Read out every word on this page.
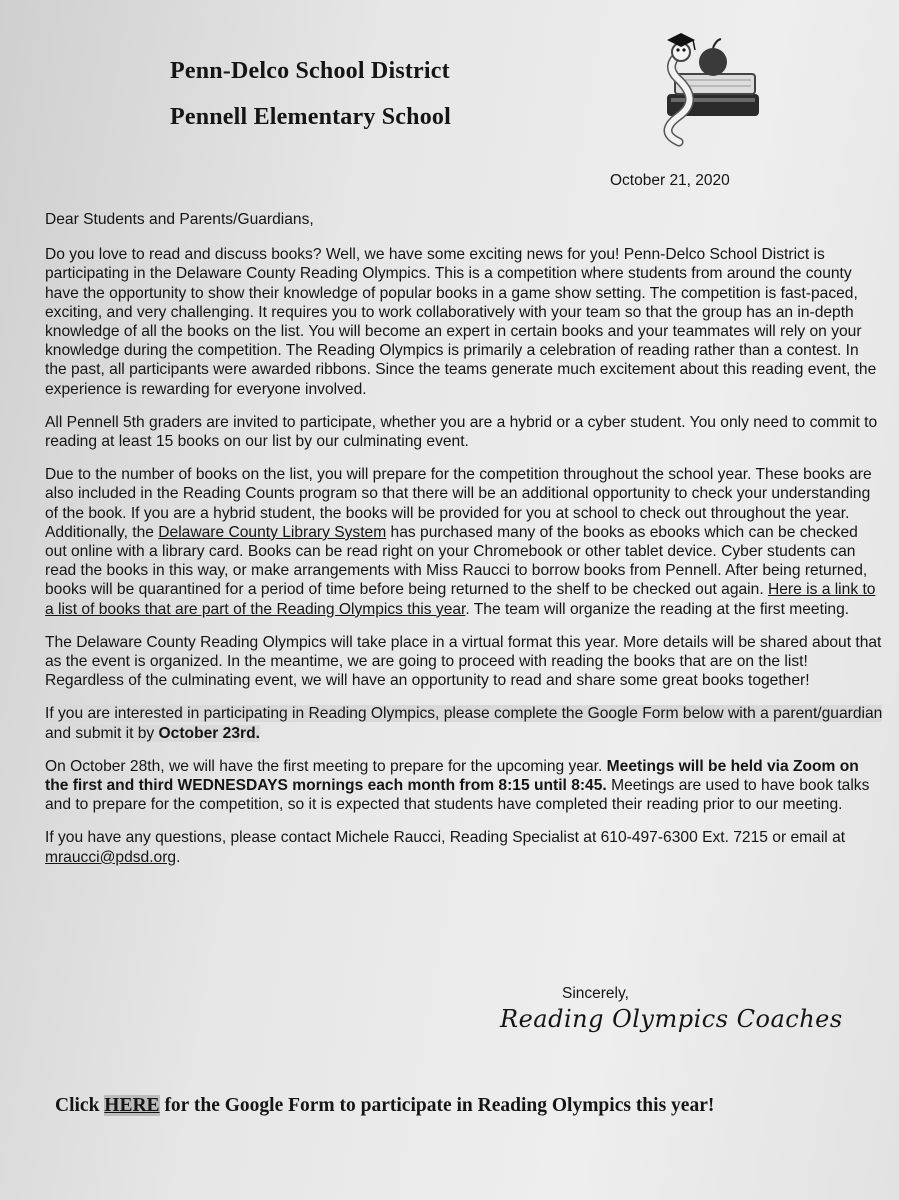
Penn-Delco School District
Pennell Elementary School
October 21, 2020

Dear Students and Parents/Guardians,

Do you love to read and discuss books? Well, we have some exciting news for you! Penn-Delco School District is participating in the Delaware County Reading Olympics. This is a competition where students from around the county have the opportunity to show their knowledge of popular books in a game show setting. The competition is fast-paced, exciting, and very challenging. It requires you to work collaboratively with your team so that the group has an in-depth knowledge of all the books on the list. You will become an expert in certain books and your teammates will rely on your knowledge during the competition. The Reading Olympics is primarily a celebration of reading rather than a contest. In the past, all participants were awarded ribbons. Since the teams generate much excitement about this reading event, the experience is rewarding for everyone involved.

All Pennell 5th graders are invited to participate, whether you are a hybrid or a cyber student. You only need to commit to reading at least 15 books on our list by our culminating event.

Due to the number of books on the list, you will prepare for the competition throughout the school year. These books are also included in the Reading Counts program so that there will be an additional opportunity to check your understanding of the book. If you are a hybrid student, the books will be provided for you at school to check out throughout the year. Additionally, the Delaware County Library System has purchased many of the books as ebooks which can be checked out online with a library card. Books can be read right on your Chromebook or other tablet device. Cyber students can read the books in this way, or make arrangements with Miss Raucci to borrow books from Pennell. After being returned, books will be quarantined for a period of time before being returned to the shelf to be checked out again. Here is a link to a list of books that are part of the Reading Olympics this year. The team will organize the reading at the first meeting.

The Delaware County Reading Olympics will take place in a virtual format this year. More details will be shared about that as the event is organized. In the meantime, we are going to proceed with reading the books that are on the list! Regardless of the culminating event, we will have an opportunity to read and share some great books together!

If you are interested in participating in Reading Olympics, please complete the Google Form below with a parent/guardian and submit it by October 23rd.

On October 28th, we will have the first meeting to prepare for the upcoming year. Meetings will be held via Zoom on the first and third WEDNESDAYS mornings each month from 8:15 until 8:45. Meetings are used to have book talks and to prepare for the competition, so it is expected that students have completed their reading prior to our meeting.

If you have any questions, please contact Michele Raucci, Reading Specialist at 610-497-6300 Ext. 7215 or email at mraucci@pdsd.org.

Sincerely,
Reading Olympics Coaches
Click HERE for the Google Form to participate in Reading Olympics this year!
